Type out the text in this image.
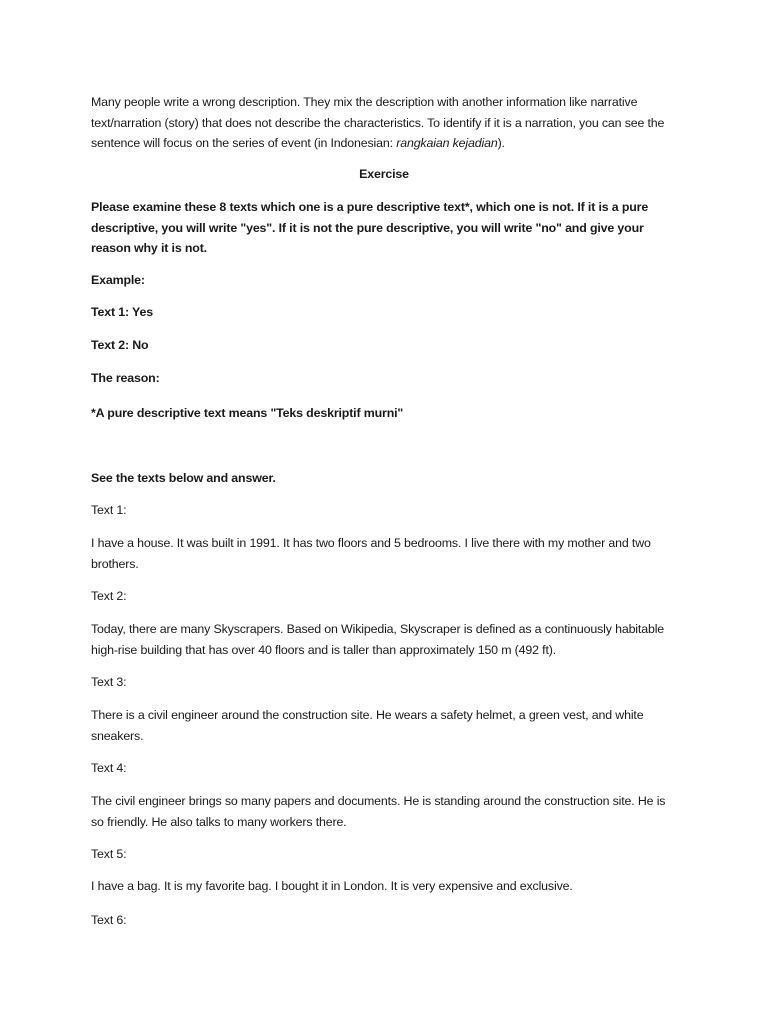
Many people write a wrong description. They mix the description with another information like narrative text/narration (story) that does not describe the characteristics. To identify if it is a narration, you can see the sentence will focus on the series of event (in Indonesian: rangkaian kejadian).

Exercise

Please examine these 8 texts which one is a pure descriptive text*, which one is not. If it is a pure descriptive, you will write "yes". If it is not the pure descriptive, you will write "no" and give your reason why it is not.

Example:

Text 1: Yes

Text 2: No

The reason:

*A pure descriptive text means "Teks deskriptif murni"

See the texts below and answer.

Text 1:

I have a house. It was built in 1991. It has two floors and 5 bedrooms. I live there with my mother and two brothers.

Text 2:

Today, there are many Skyscrapers. Based on Wikipedia, Skyscraper is defined as a continuously habitable high-rise building that has over 40 floors and is taller than approximately 150 m (492 ft).

Text 3:

There is a civil engineer around the construction site. He wears a safety helmet, a green vest, and white sneakers.

Text 4:

The civil engineer brings so many papers and documents. He is standing around the construction site. He is so friendly. He also talks to many workers there.

Text 5:

I have a bag. It is my favorite bag. I bought it in London. It is very expensive and exclusive.

Text 6:
